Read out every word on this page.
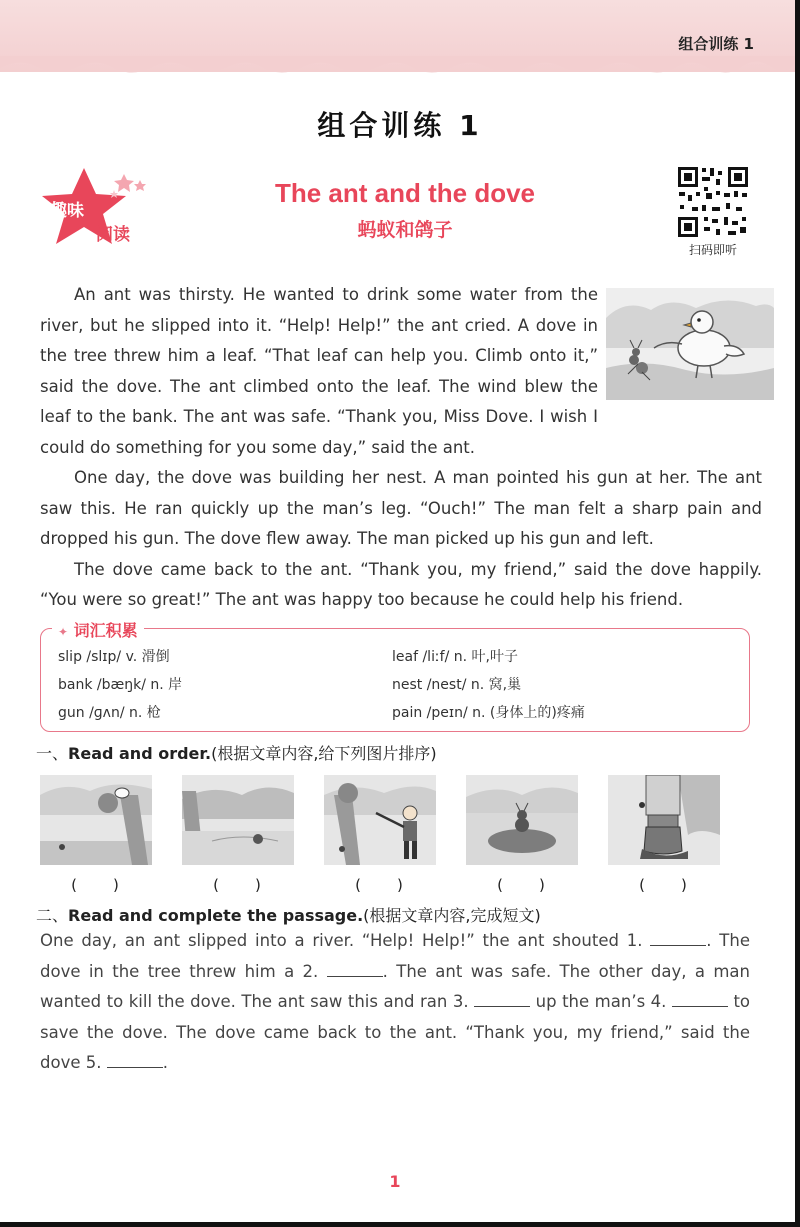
组合训练 1
组合训练 1
趣味
阅读
The ant and the dove
蚂蚁和鸽子
扫码即听

An ant was thirsty. He wanted to drink some water from the river, but he slipped into it. “Help! Help!” the ant cried. A dove in the tree threw him a leaf. “That leaf can help you. Climb onto it,” said the dove. The ant climbed onto the leaf. The wind blew the leaf to the bank. The ant was safe. “Thank you, Miss Dove. I wish I could do something for you some day,” said the ant.

One day, the dove was building her nest. A man pointed his gun at her. The ant saw this. He ran quickly up the man’s leg. “Ouch!” The man felt a sharp pain and dropped his gun. The dove flew away. The man picked up his gun and left.

The dove came back to the ant. “Thank you, my friend,” said the dove happily. “You were so great!” The ant was happy too because he could help his friend.

✦ 词汇积累
slip /slɪp/ v. 滑倒	leaf /liːf/ n. 叶,叶子
bank /bæŋk/ n. 岸	nest /nest/ n. 窝,巢
gun /ɡʌn/ n. 枪	pain /peɪn/ n. (身体上的)疼痛
一、Read and order.(根据文章内容,给下列图片排序)
(　　)	(　　)	(　　)	(　　)	(　　)
二、Read and complete the passage.(根据文章内容,完成短文)
One day, an ant slipped into a river. “Help! Help!” the ant shouted 1.	. The dove in the tree threw him a 2.	. The ant was safe. The other day, a man wanted to kill the dove. The ant saw this and ran 3.	up the man’s 4.	to save the dove. The dove came back to the ant. “Thank you, my friend,” said the dove 5.	.
1
